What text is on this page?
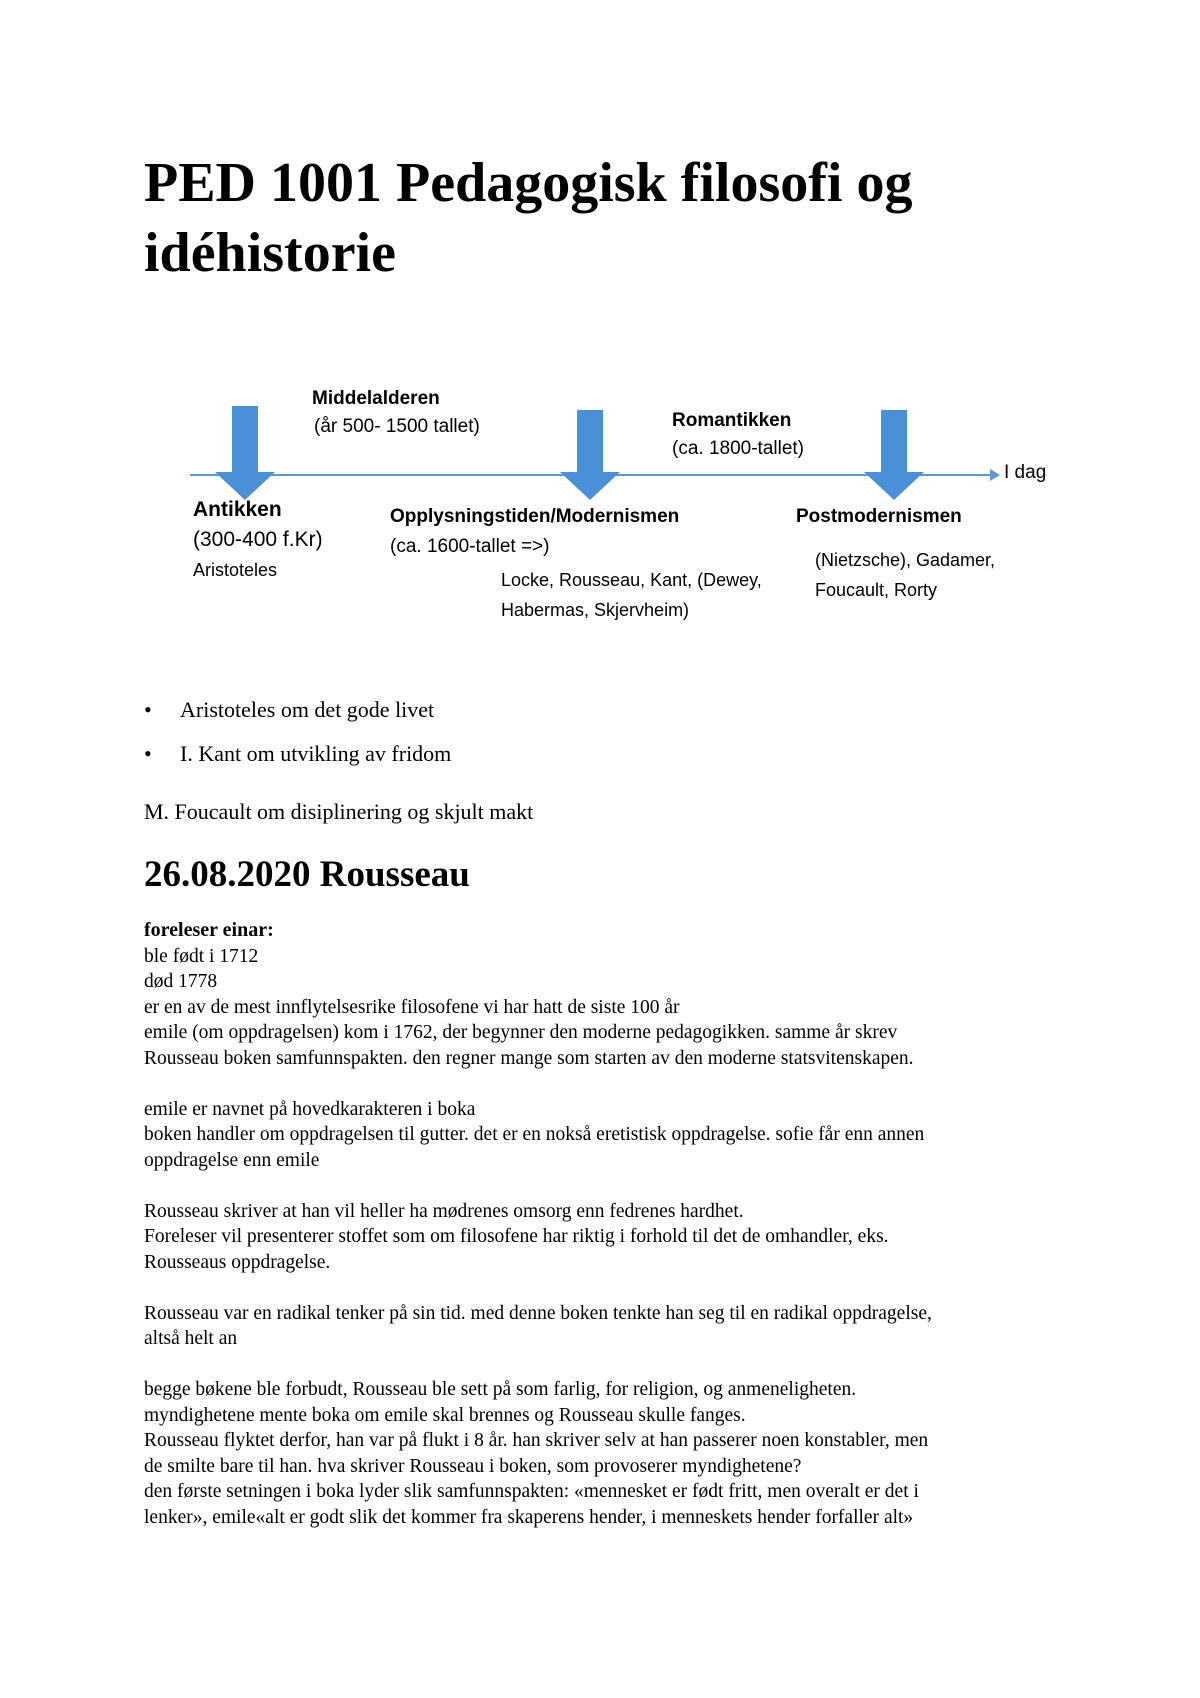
PED 1001 Pedagogisk filosofi og idéhistorie
Middelalderen
(år 500- 1500 tallet)	Romantikken
(ca. 1800-tallet)
I dag
Antikken
(300-400 f.Kr)
Aristoteles
Opplysningstiden/Modernismen
(ca. 1600-tallet =>)
Locke, Rousseau, Kant, (Dewey,
Habermas, Skjervheim)
Postmodernismen
(Nietzsche), Gadamer,
Foucault, Rorty
• Aristoteles om det gode livet
• I. Kant om utvikling av fridom
M. Foucault om disiplinering og skjult makt
26.08.2020 Rousseau
foreleser einar:
ble født i 1712
død 1778
er en av de mest innflytelsesrike filosofene vi har hatt de siste 100 år
emile (om oppdragelsen) kom i 1762, der begynner den moderne pedagogikken. samme år skrev
Rousseau boken samfunnspakten. den regner mange som starten av den moderne statsvitenskapen.
emile er navnet på hovedkarakteren i boka
boken handler om oppdragelsen til gutter. det er en nokså eretistisk oppdragelse. sofie får enn annen
oppdragelse enn emile
Rousseau skriver at han vil heller ha mødrenes omsorg enn fedrenes hardhet.
Foreleser vil presenterer stoffet som om filosofene har riktig i forhold til det de omhandler, eks.
Rousseaus oppdragelse.
Rousseau var en radikal tenker på sin tid. med denne boken tenkte han seg til en radikal oppdragelse,
altså helt an
begge bøkene ble forbudt, Rousseau ble sett på som farlig, for religion, og anmeneligheten.
myndighetene mente boka om emile skal brennes og Rousseau skulle fanges.
Rousseau flyktet derfor, han var på flukt i 8 år. han skriver selv at han passerer noen konstabler, men
de smilte bare til han. hva skriver Rousseau i boken, som provoserer myndighetene?
den første setningen i boka lyder slik samfunnspakten: «mennesket er født fritt, men overalt er det i
lenker», emile«alt er godt slik det kommer fra skaperens hender, i menneskets hender forfaller alt»
